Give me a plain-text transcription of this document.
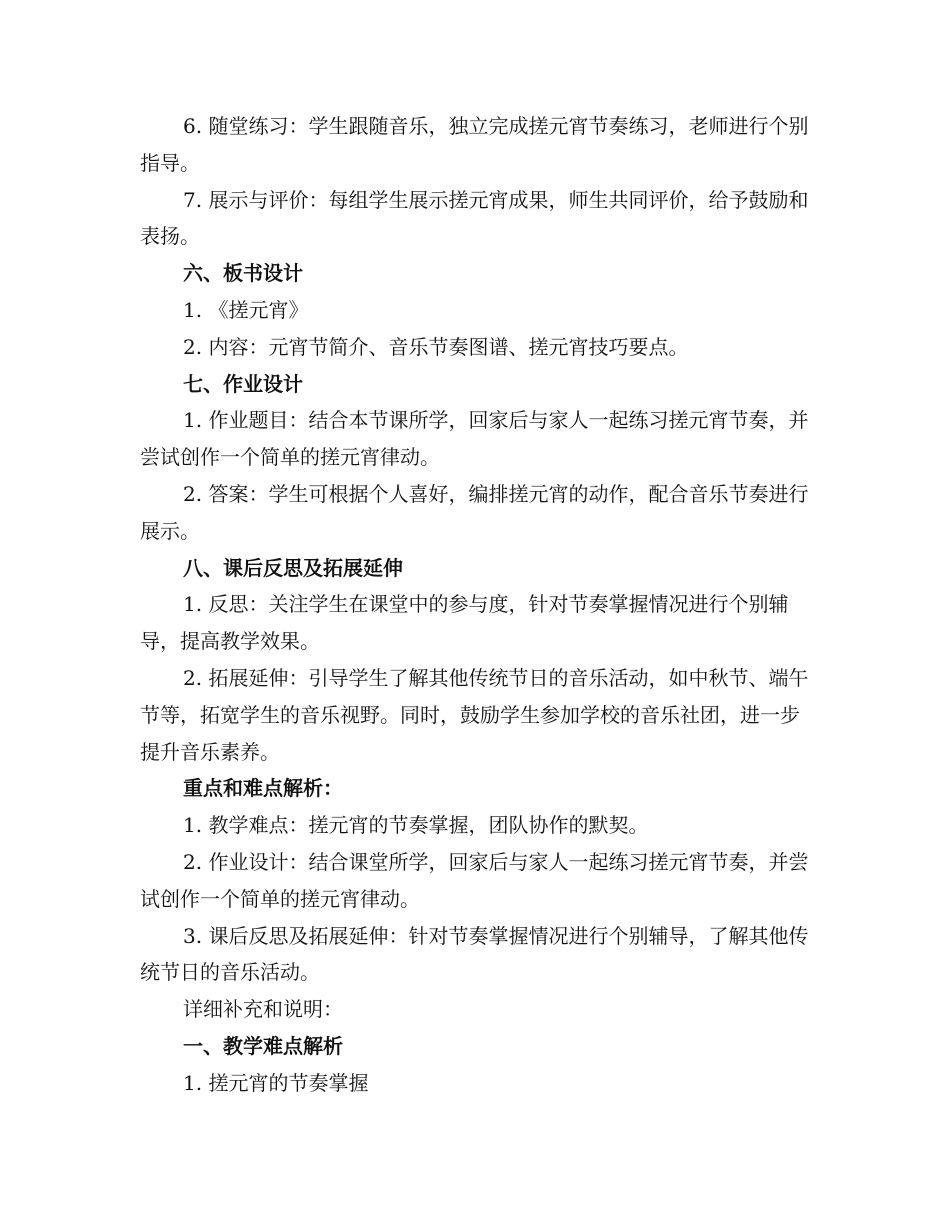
6. 随堂练习：学生跟随音乐，独立完成搓元宵节奏练习，老师进行个别指导。

7. 展示与评价：每组学生展示搓元宵成果，师生共同评价，给予鼓励和表扬。

六、板书设计

1. 《搓元宵》

2. 内容：元宵节简介、音乐节奏图谱、搓元宵技巧要点。

七、作业设计

1. 作业题目：结合本节课所学，回家后与家人一起练习搓元宵节奏，并尝试创作一个简单的搓元宵律动。

2. 答案：学生可根据个人喜好，编排搓元宵的动作，配合音乐节奏进行展示。

八、课后反思及拓展延伸

1. 反思：关注学生在课堂中的参与度，针对节奏掌握情况进行个别辅导，提高教学效果。

2. 拓展延伸：引导学生了解其他传统节日的音乐活动，如中秋节、端午节等，拓宽学生的音乐视野。同时，鼓励学生参加学校的音乐社团，进一步提升音乐素养。

重点和难点解析：

1. 教学难点：搓元宵的节奏掌握，团队协作的默契。

2. 作业设计：结合课堂所学，回家后与家人一起练习搓元宵节奏，并尝试创作一个简单的搓元宵律动。

3. 课后反思及拓展延伸：针对节奏掌握情况进行个别辅导，了解其他传统节日的音乐活动。

详细补充和说明：

一、教学难点解析

1. 搓元宵的节奏掌握
